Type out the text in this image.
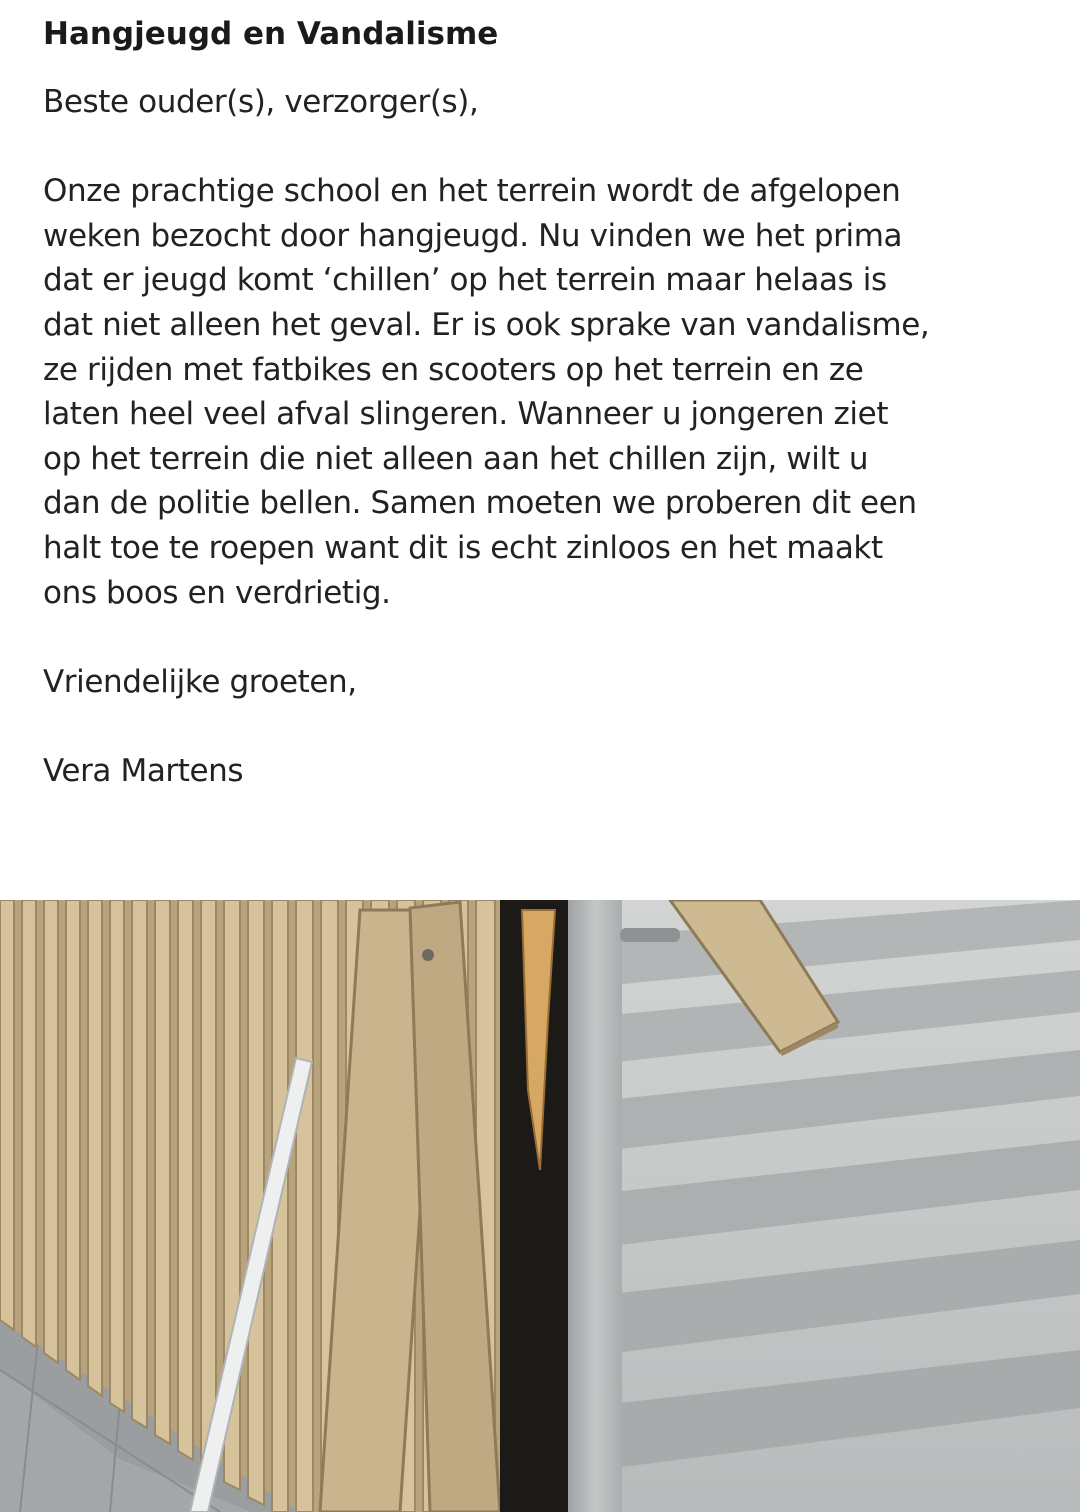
Hangjeugd en Vandalisme

Beste ouder(s), verzorger(s),

Onze prachtige school en het terrein wordt de afgelopen

weken bezocht door hangjeugd. Nu vinden we het prima

dat er jeugd komt ‘chillen’ op het terrein maar helaas is

dat niet alleen het geval. Er is ook sprake van vandalisme,

ze rijden met fatbikes en scooters op het terrein en ze

laten heel veel afval slingeren. Wanneer u jongeren ziet

op het terrein die niet alleen aan het chillen zijn, wilt u

dan de politie bellen. Samen moeten we proberen dit een

halt toe te roepen want dit is echt zinloos en het maakt

ons boos en verdrietig.

Vriendelijke groeten,

Vera Martens
